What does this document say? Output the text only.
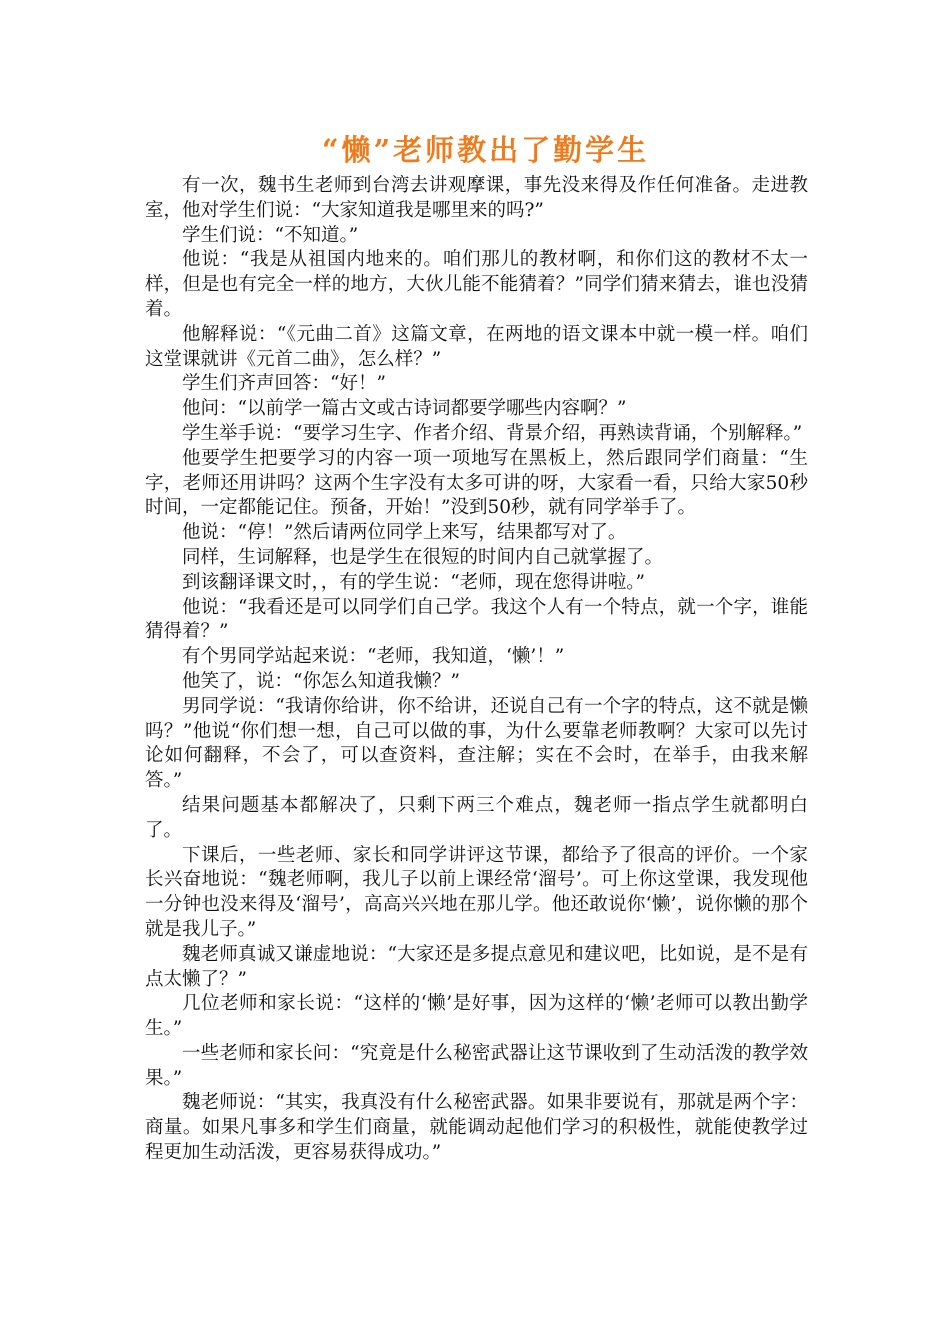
“懒”老师教出了勤学生

有一次，魏书生老师到台湾去讲观摩课，事先没来得及作任何准备。走进教室，他对学生们说：“大家知道我是哪里来的吗?”

学生们说：“不知道。”

他说：“我是从祖国内地来的。咱们那儿的教材啊，和你们这的教材不太一样，但是也有完全一样的地方，大伙儿能不能猜着？”同学们猜来猜去，谁也没猜着。

他解释说：“《元曲二首》这篇文章，在两地的语文课本中就一模一样。咱们这堂课就讲《元首二曲》，怎么样？”

学生们齐声回答：“好！”

他问：“以前学一篇古文或古诗词都要学哪些内容啊？”

学生举手说：“要学习生字、作者介绍、背景介绍，再熟读背诵，个别解释。”

他要学生把要学习的内容一项一项地写在黑板上，然后跟同学们商量：“生字，老师还用讲吗？这两个生字没有太多可讲的呀，大家看一看，只给大家50秒时间，一定都能记住。预备，开始！”没到50秒，就有同学举手了。

他说：“停！”然后请两位同学上来写，结果都写对了。

同样，生词解释，也是学生在很短的时间内自己就掌握了。

到该翻译课文时，，有的学生说：“老师，现在您得讲啦。”

他说：“我看还是可以同学们自己学。我这个人有一个特点，就一个字，谁能猜得着？”

有个男同学站起来说：“老师，我知道，‘懒’！”

他笑了，说：“你怎么知道我懒？”

男同学说：“我请你给讲，你不给讲，还说自己有一个字的特点，这不就是懒吗？”他说“你们想一想，自己可以做的事，为什么要靠老师教啊？大家可以先讨论如何翻释，不会了，可以查资料，查注解；实在不会时，在举手，由我来解答。”

结果问题基本都解决了，只剩下两三个难点，魏老师一指点学生就都明白了。

下课后，一些老师、家长和同学讲评这节课，都给予了很高的评价。一个家长兴奋地说：“魏老师啊，我儿子以前上课经常‘溜号’。可上你这堂课，我发现他一分钟也没来得及‘溜号’，高高兴兴地在那儿学。他还敢说你‘懒’，说你懒的那个就是我儿子。”

魏老师真诚又谦虚地说：“大家还是多提点意见和建议吧，比如说，是不是有点太懒了？”

几位老师和家长说：“这样的‘懒’是好事，因为这样的‘懒’老师可以教出勤学生。”

一些老师和家长问：“究竟是什么秘密武器让这节课收到了生动活泼的教学效果。”

魏老师说：“其实，我真没有什么秘密武器。如果非要说有，那就是两个字：商量。如果凡事多和学生们商量，就能调动起他们学习的积极性，就能使教学过程更加生动活泼，更容易获得成功。”
